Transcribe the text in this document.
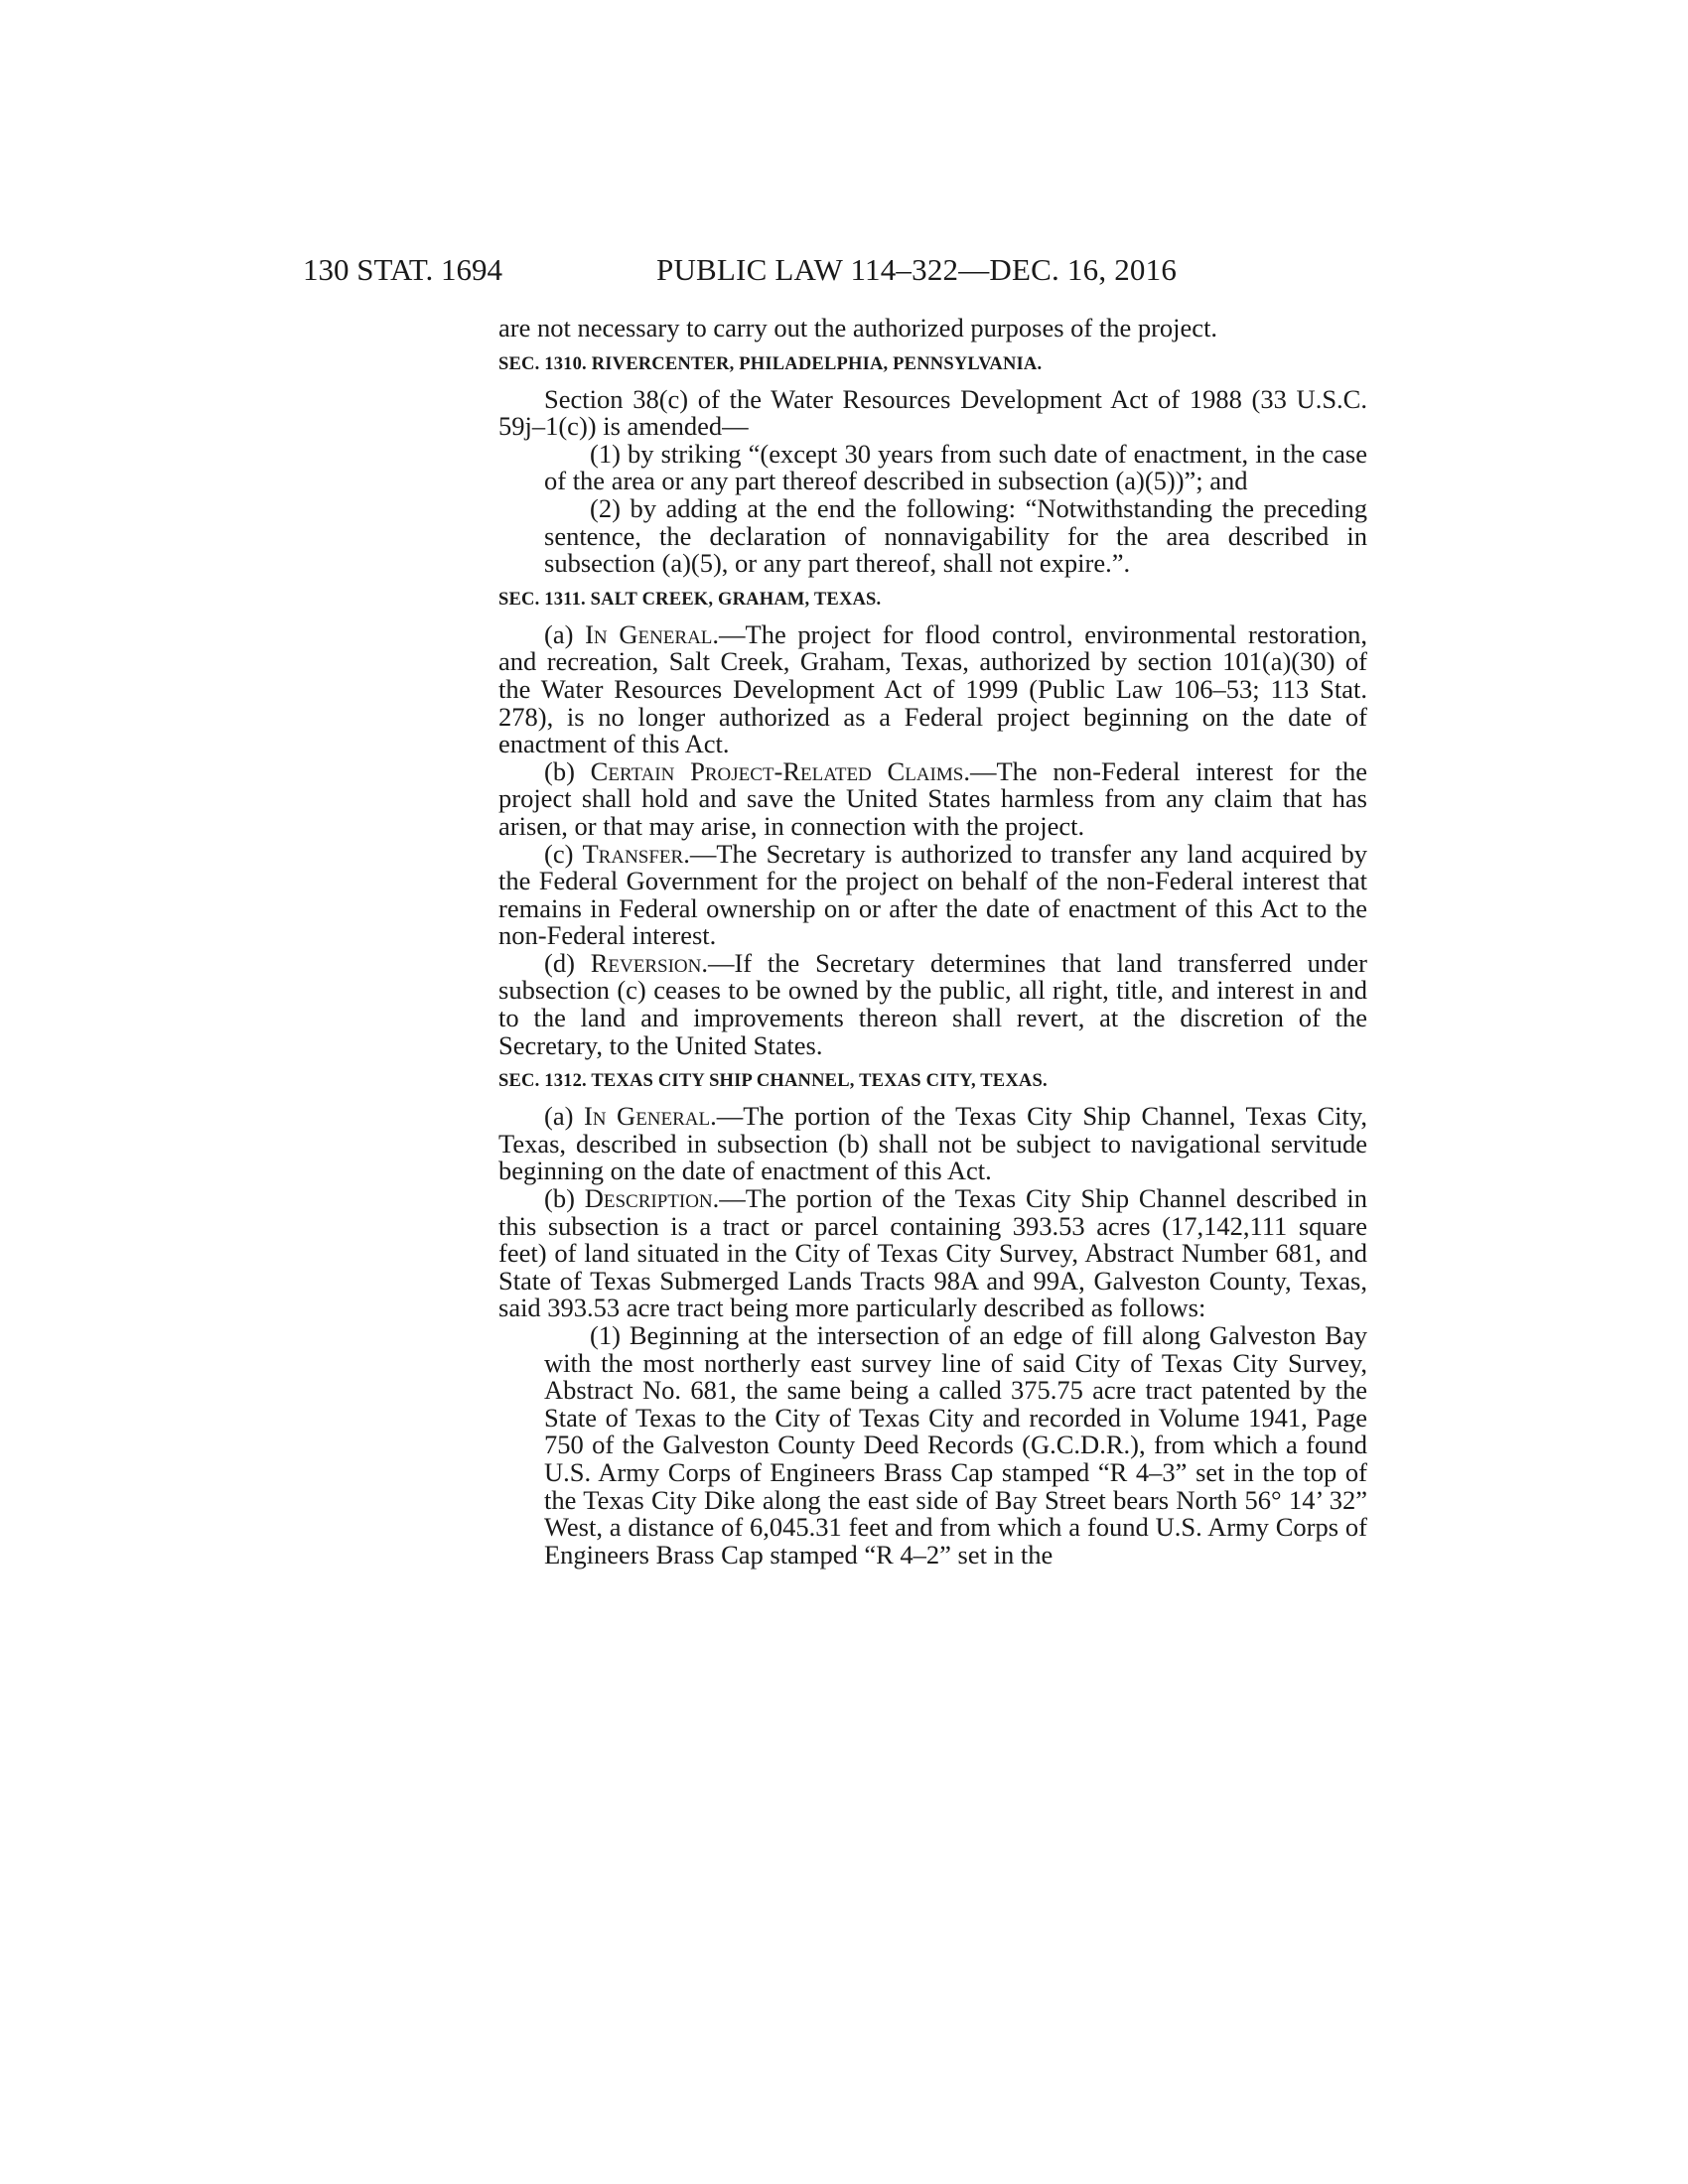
130 STAT. 1694	PUBLIC LAW 114–322—DEC. 16, 2016

are not necessary to carry out the authorized purposes of the project.

SEC. 1310. RIVERCENTER, PHILADELPHIA, PENNSYLVANIA.

Section 38(c) of the Water Resources Development Act of 1988 (33 U.S.C. 59j–1(c)) is amended—

(1) by striking “(except 30 years from such date of enactment, in the case of the area or any part thereof described in subsection (a)(5))”; and

(2) by adding at the end the following: “Notwithstanding the preceding sentence, the declaration of nonnavigability for the area described in subsection (a)(5), or any part thereof, shall not expire.”.

SEC. 1311. SALT CREEK, GRAHAM, TEXAS.

(a) In General.—The project for flood control, environmental restoration, and recreation, Salt Creek, Graham, Texas, authorized by section 101(a)(30) of the Water Resources Development Act of 1999 (Public Law 106–53; 113 Stat. 278), is no longer authorized as a Federal project beginning on the date of enactment of this Act.

(b) Certain Project-Related Claims.—The non-Federal interest for the project shall hold and save the United States harmless from any claim that has arisen, or that may arise, in connection with the project.

(c) Transfer.—The Secretary is authorized to transfer any land acquired by the Federal Government for the project on behalf of the non-Federal interest that remains in Federal ownership on or after the date of enactment of this Act to the non-Federal interest.

(d) Reversion.—If the Secretary determines that land transferred under subsection (c) ceases to be owned by the public, all right, title, and interest in and to the land and improvements thereon shall revert, at the discretion of the Secretary, to the United States.

SEC. 1312. TEXAS CITY SHIP CHANNEL, TEXAS CITY, TEXAS.

(a) In General.—The portion of the Texas City Ship Channel, Texas City, Texas, described in subsection (b) shall not be subject to navigational servitude beginning on the date of enactment of this Act.

(b) Description.—The portion of the Texas City Ship Channel described in this subsection is a tract or parcel containing 393.53 acres (17,142,111 square feet) of land situated in the City of Texas City Survey, Abstract Number 681, and State of Texas Submerged Lands Tracts 98A and 99A, Galveston County, Texas, said 393.53 acre tract being more particularly described as follows:

(1) Beginning at the intersection of an edge of fill along Galveston Bay with the most northerly east survey line of said City of Texas City Survey, Abstract No. 681, the same being a called 375.75 acre tract patented by the State of Texas to the City of Texas City and recorded in Volume 1941, Page 750 of the Galveston County Deed Records (G.C.D.R.), from which a found U.S. Army Corps of Engineers Brass Cap stamped “R 4–3” set in the top of the Texas City Dike along the east side of Bay Street bears North 56° 14’ 32” West, a distance of 6,045.31 feet and from which a found U.S. Army Corps of Engineers Brass Cap stamped “R 4–2” set in the
